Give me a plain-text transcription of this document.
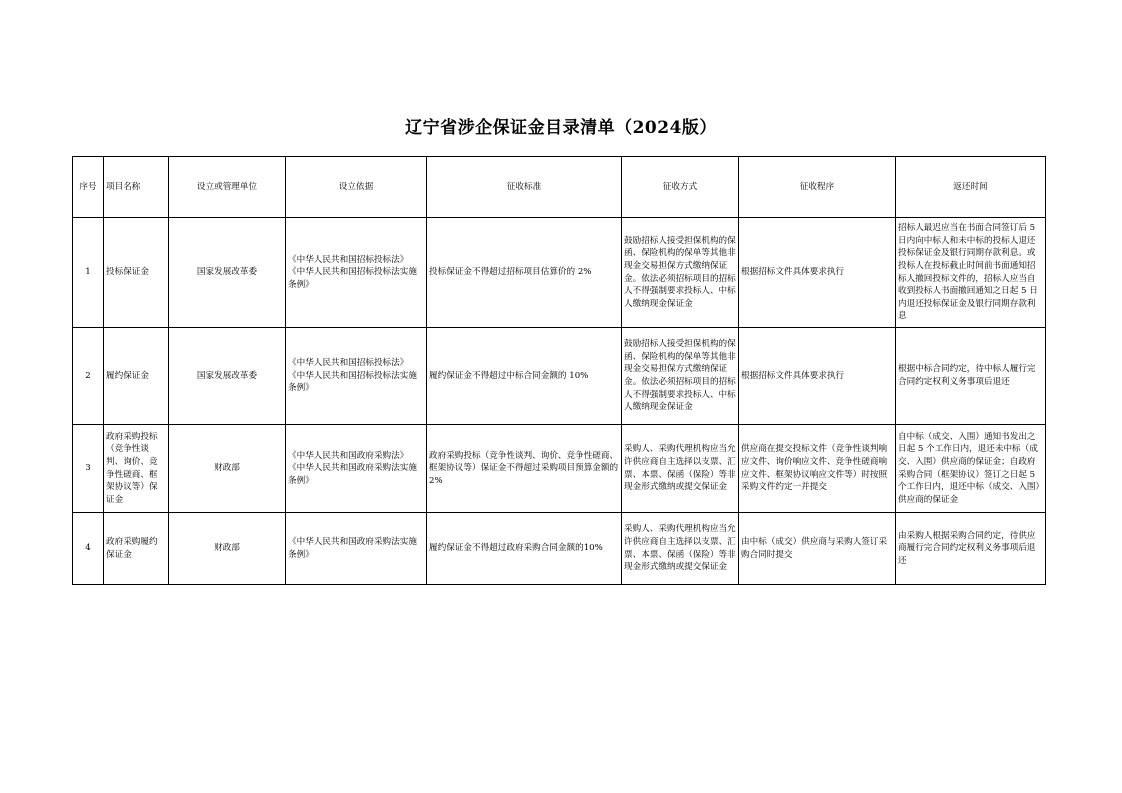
辽宁省涉企保证金目录清单（2024版）
序号	项目名称	设立或管理单位	设立依据	征收标准	征收方式	征收程序	返还时间
1	投标保证金	国家发展改革委	《中华人民共和国招标投标法》
《中华人民共和国招标投标法实施条例》	投标保证金不得超过招标项目估算价的 2%	鼓励招标人接受担保机构的保函、保险机构的保单等其他非现金交易担保方式缴纳保证金。依法必须招标项目的招标人不得强制要求投标人、中标人缴纳现金保证金	根据招标文件具体要求执行	招标人最迟应当在书面合同签订后 5 日内向中标人和未中标的投标人退还投标保证金及银行同期存款利息。或投标人在投标截止时间前书面通知招标人撤回投标文件的，招标人应当自收到投标人书面撤回通知之日起 5 日内退还投标保证金及银行同期存款利息
2	履约保证金	国家发展改革委	《中华人民共和国招标投标法》
《中华人民共和国招标投标法实施条例》	履约保证金不得超过中标合同金额的 10%	鼓励招标人接受担保机构的保函、保险机构的保单等其他非现金交易担保方式缴纳保证金。依法必须招标项目的招标人不得强制要求投标人、中标人缴纳现金保证金	根据招标文件具体要求执行	根据中标合同约定，待中标人履行完合同约定权利义务事项后退还
3	政府采购投标（竞争性谈判、询价、竞争性磋商、框架协议等）保证金	财政部	《中华人民共和国政府采购法》
《中华人民共和国政府采购法实施条例》	政府采购投标（竞争性谈判、询价、竞争性磋商、框架协议等）保证金不得超过采购项目预算金额的 2%	采购人、采购代理机构应当允许供应商自主选择以支票、汇票、本票、保函（保险）等非现金形式缴纳或提交保证金	供应商在提交投标文件（竞争性谈判响应文件、询价响应文件、竞争性磋商响应文件、框架协议响应文件等）时按照采购文件约定一并提交	自中标（成交、入围）通知书发出之日起 5 个工作日内，退还未中标（成交、入围）供应商的保证金；自政府采购合同（框架协议）签订之日起 5 个工作日内，退还中标（成交、入围）供应商的保证金
4	政府采购履约保证金	财政部	《中华人民共和国政府采购法实施条例》	履约保证金不得超过政府采购合同金额的10%	采购人、采购代理机构应当允许供应商自主选择以支票、汇票、本票、保函（保险）等非现金形式缴纳或提交保证金	由中标（成交）供应商与采购人签订采购合同时提交	由采购人根据采购合同约定，待供应商履行完合同约定权利义务事项后退还
